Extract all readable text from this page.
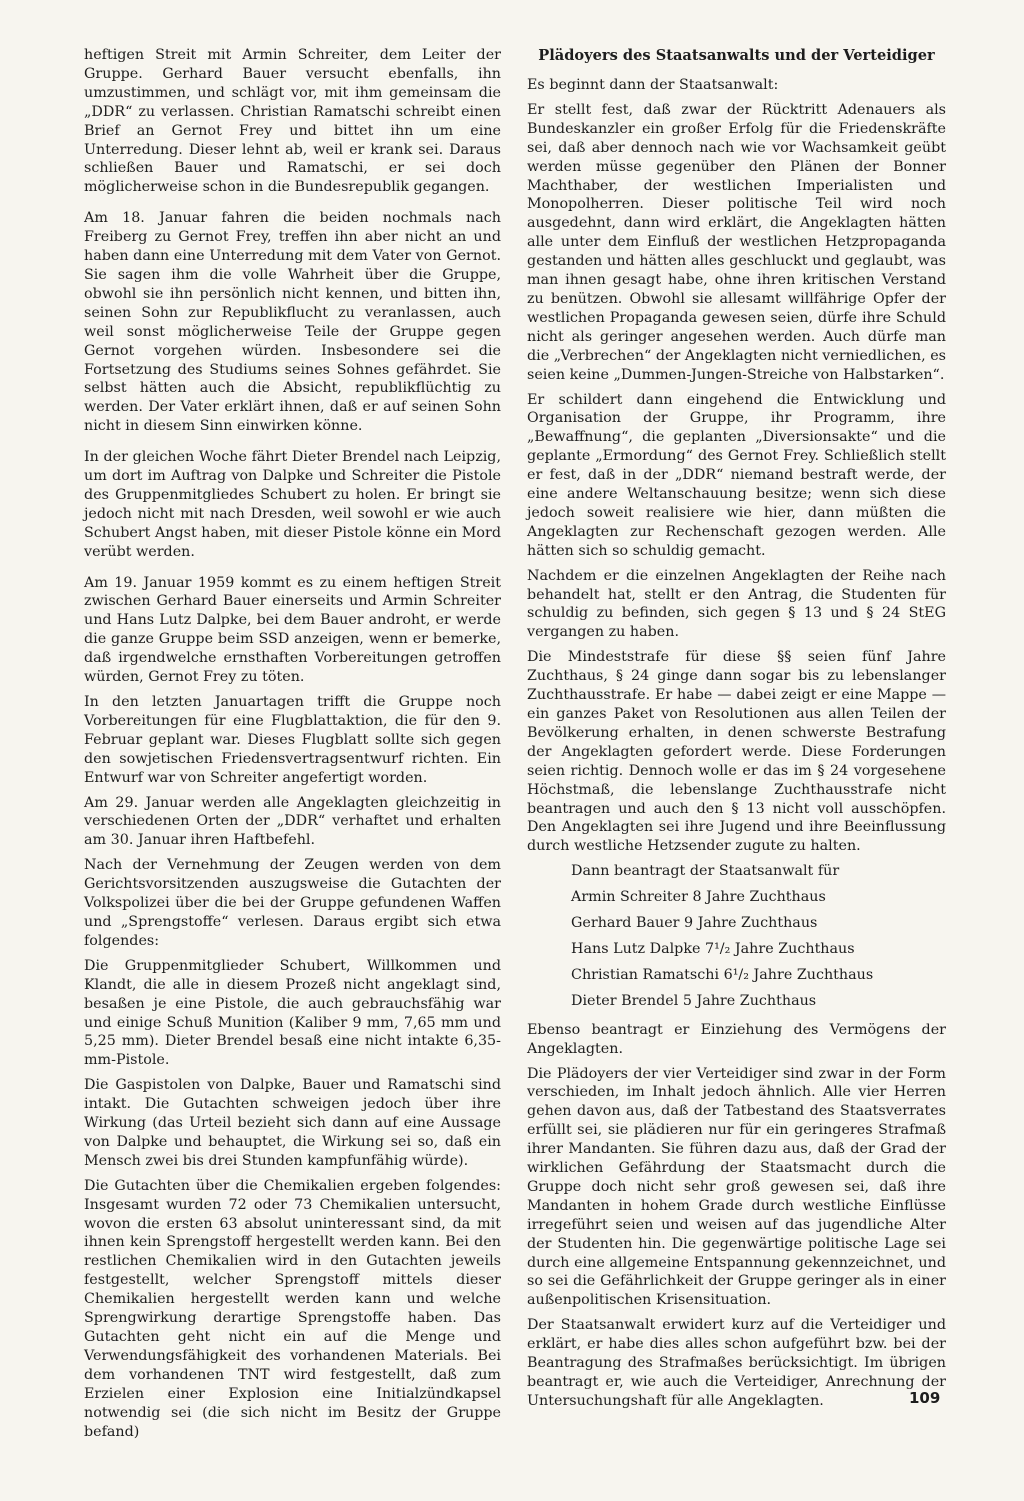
heftigen Streit mit Armin Schreiter, dem Leiter der Gruppe. Gerhard Bauer versucht ebenfalls, ihn umzustimmen, und schlägt vor, mit ihm gemeinsam die „DDR“ zu verlassen. Christian Ramatschi schreibt einen Brief an Gernot Frey und bittet ihn um eine Unterredung. Dieser lehnt ab, weil er krank sei. Daraus schließen Bauer und Ramatschi, er sei doch möglicherweise schon in die Bundesrepublik gegangen.

Am 18. Januar fahren die beiden nochmals nach Freiberg zu Gernot Frey, treffen ihn aber nicht an und haben dann eine Unterredung mit dem Vater von Gernot. Sie sagen ihm die volle Wahrheit über die Gruppe, obwohl sie ihn persönlich nicht kennen, und bitten ihn, seinen Sohn zur Republikflucht zu veranlassen, auch weil sonst möglicherweise Teile der Gruppe gegen Gernot vorgehen würden. Insbesondere sei die Fortsetzung des Studiums seines Sohnes gefährdet. Sie selbst hätten auch die Absicht, republikflüchtig zu werden. Der Vater erklärt ihnen, daß er auf seinen Sohn nicht in diesem Sinn einwirken könne.

In der gleichen Woche fährt Dieter Brendel nach Leipzig, um dort im Auftrag von Dalpke und Schreiter die Pistole des Gruppenmitgliedes Schubert zu holen. Er bringt sie jedoch nicht mit nach Dresden, weil sowohl er wie auch Schubert Angst haben, mit dieser Pistole könne ein Mord verübt werden.

Am 19. Januar 1959 kommt es zu einem heftigen Streit zwischen Gerhard Bauer einerseits und Armin Schreiter und Hans Lutz Dalpke, bei dem Bauer androht, er werde die ganze Gruppe beim SSD anzeigen, wenn er bemerke, daß irgendwelche ernsthaften Vorbereitungen getroffen würden, Gernot Frey zu töten.

In den letzten Januartagen trifft die Gruppe noch Vorbereitungen für eine Flugblattaktion, die für den 9. Februar geplant war. Dieses Flugblatt sollte sich gegen den sowjetischen Friedensvertragsentwurf richten. Ein Entwurf war von Schreiter angefertigt worden.

Am 29. Januar werden alle Angeklagten gleichzeitig in verschiedenen Orten der „DDR“ verhaftet und erhalten am 30. Januar ihren Haftbefehl.

Nach der Vernehmung der Zeugen werden von dem Gerichtsvorsitzenden auszugsweise die Gutachten der Volkspolizei über die bei der Gruppe gefundenen Waffen und „Sprengstoffe“ verlesen. Daraus ergibt sich etwa folgendes:

Die Gruppenmitglieder Schubert, Willkommen und Klandt, die alle in diesem Prozeß nicht angeklagt sind, besaßen je eine Pistole, die auch gebrauchsfähig war und einige Schuß Munition (Kaliber 9 mm, 7,65 mm und 5,25 mm). Dieter Brendel besaß eine nicht intakte 6,35-mm-Pistole.

Die Gaspistolen von Dalpke, Bauer und Ramatschi sind intakt. Die Gutachten schweigen jedoch über ihre Wirkung (das Urteil bezieht sich dann auf eine Aussage von Dalpke und behauptet, die Wirkung sei so, daß ein Mensch zwei bis drei Stunden kampfunfähig würde).

Die Gutachten über die Chemikalien ergeben folgendes: Insgesamt wurden 72 oder 73 Chemikalien untersucht, wovon die ersten 63 absolut uninteressant sind, da mit ihnen kein Sprengstoff hergestellt werden kann. Bei den restlichen Chemikalien wird in den Gutachten jeweils festgestellt, welcher Sprengstoff mittels dieser Chemikalien hergestellt werden kann und welche Sprengwirkung derartige Sprengstoffe haben. Das Gutachten geht nicht ein auf die Menge und Verwendungsfähigkeit des vorhandenen Materials. Bei dem vorhandenen TNT wird festgestellt, daß zum Erzielen einer Explosion eine Initialzündkapsel notwendig sei (die sich nicht im Besitz der Gruppe befand)

Plädoyers des Staatsanwalts und der Verteidiger

Es beginnt dann der Staatsanwalt:

Er stellt fest, daß zwar der Rücktritt Adenauers als Bundeskanzler ein großer Erfolg für die Friedenskräfte sei, daß aber dennoch nach wie vor Wachsamkeit geübt werden müsse gegenüber den Plänen der Bonner Machthaber, der westlichen Imperialisten und Monopolherren. Dieser politische Teil wird noch ausgedehnt, dann wird erklärt, die Angeklagten hätten alle unter dem Einfluß der westlichen Hetzpropaganda gestanden und hätten alles geschluckt und geglaubt, was man ihnen gesagt habe, ohne ihren kritischen Verstand zu benützen. Obwohl sie allesamt willfährige Opfer der westlichen Propaganda gewesen seien, dürfe ihre Schuld nicht als geringer angesehen werden. Auch dürfe man die „Verbrechen“ der Angeklagten nicht verniedlichen, es seien keine „Dummen-Jungen-Streiche von Halbstarken“.

Er schildert dann eingehend die Entwicklung und Organisation der Gruppe, ihr Programm, ihre „Bewaffnung“, die geplanten „Diversionsakte“ und die geplante „Ermordung“ des Gernot Frey. Schließlich stellt er fest, daß in der „DDR“ niemand bestraft werde, der eine andere Weltanschauung besitze; wenn sich diese jedoch soweit realisiere wie hier, dann müßten die Angeklagten zur Rechenschaft gezogen werden. Alle hätten sich so schuldig gemacht.

Nachdem er die einzelnen Angeklagten der Reihe nach behandelt hat, stellt er den Antrag, die Studenten für schuldig zu befinden, sich gegen § 13 und § 24 StEG vergangen zu haben.

Die Mindeststrafe für diese §§ seien fünf Jahre Zuchthaus, § 24 ginge dann sogar bis zu lebenslanger Zuchthausstrafe. Er habe — dabei zeigt er eine Mappe — ein ganzes Paket von Resolutionen aus allen Teilen der Bevölkerung erhalten, in denen schwerste Bestrafung der Angeklagten gefordert werde. Diese Forderungen seien richtig. Dennoch wolle er das im § 24 vorgesehene Höchstmaß, die lebenslange Zuchthausstrafe nicht beantragen und auch den § 13 nicht voll ausschöpfen. Den Angeklagten sei ihre Jugend und ihre Beeinflussung durch westliche Hetzsender zugute zu halten.

Dann beantragt der Staatsanwalt für
Armin Schreiter 8 Jahre Zuchthaus
Gerhard Bauer 9 Jahre Zuchthaus
Hans Lutz Dalpke 7¹/₂ Jahre Zuchthaus
Christian Ramatschi 6¹/₂ Jahre Zuchthaus
Dieter Brendel 5 Jahre Zuchthaus

Ebenso beantragt er Einziehung des Vermögens der Angeklagten.

Die Plädoyers der vier Verteidiger sind zwar in der Form verschieden, im Inhalt jedoch ähnlich. Alle vier Herren gehen davon aus, daß der Tatbestand des Staatsverrates erfüllt sei, sie plädieren nur für ein geringeres Strafmaß ihrer Mandanten. Sie führen dazu aus, daß der Grad der wirklichen Gefährdung der Staatsmacht durch die Gruppe doch nicht sehr groß gewesen sei, daß ihre Mandanten in hohem Grade durch westliche Einflüsse irregeführt seien und weisen auf das jugendliche Alter der Studenten hin. Die gegenwärtige politische Lage sei durch eine allgemeine Entspannung gekennzeichnet, und so sei die Gefährlichkeit der Gruppe geringer als in einer außenpolitischen Krisensituation.

Der Staatsanwalt erwidert kurz auf die Verteidiger und erklärt, er habe dies alles schon aufgeführt bzw. bei der Beantragung des Strafmaßes berücksichtigt. Im übrigen beantragt er, wie auch die Verteidiger, Anrechnung der Untersuchungshaft für alle Angeklagten.	109
